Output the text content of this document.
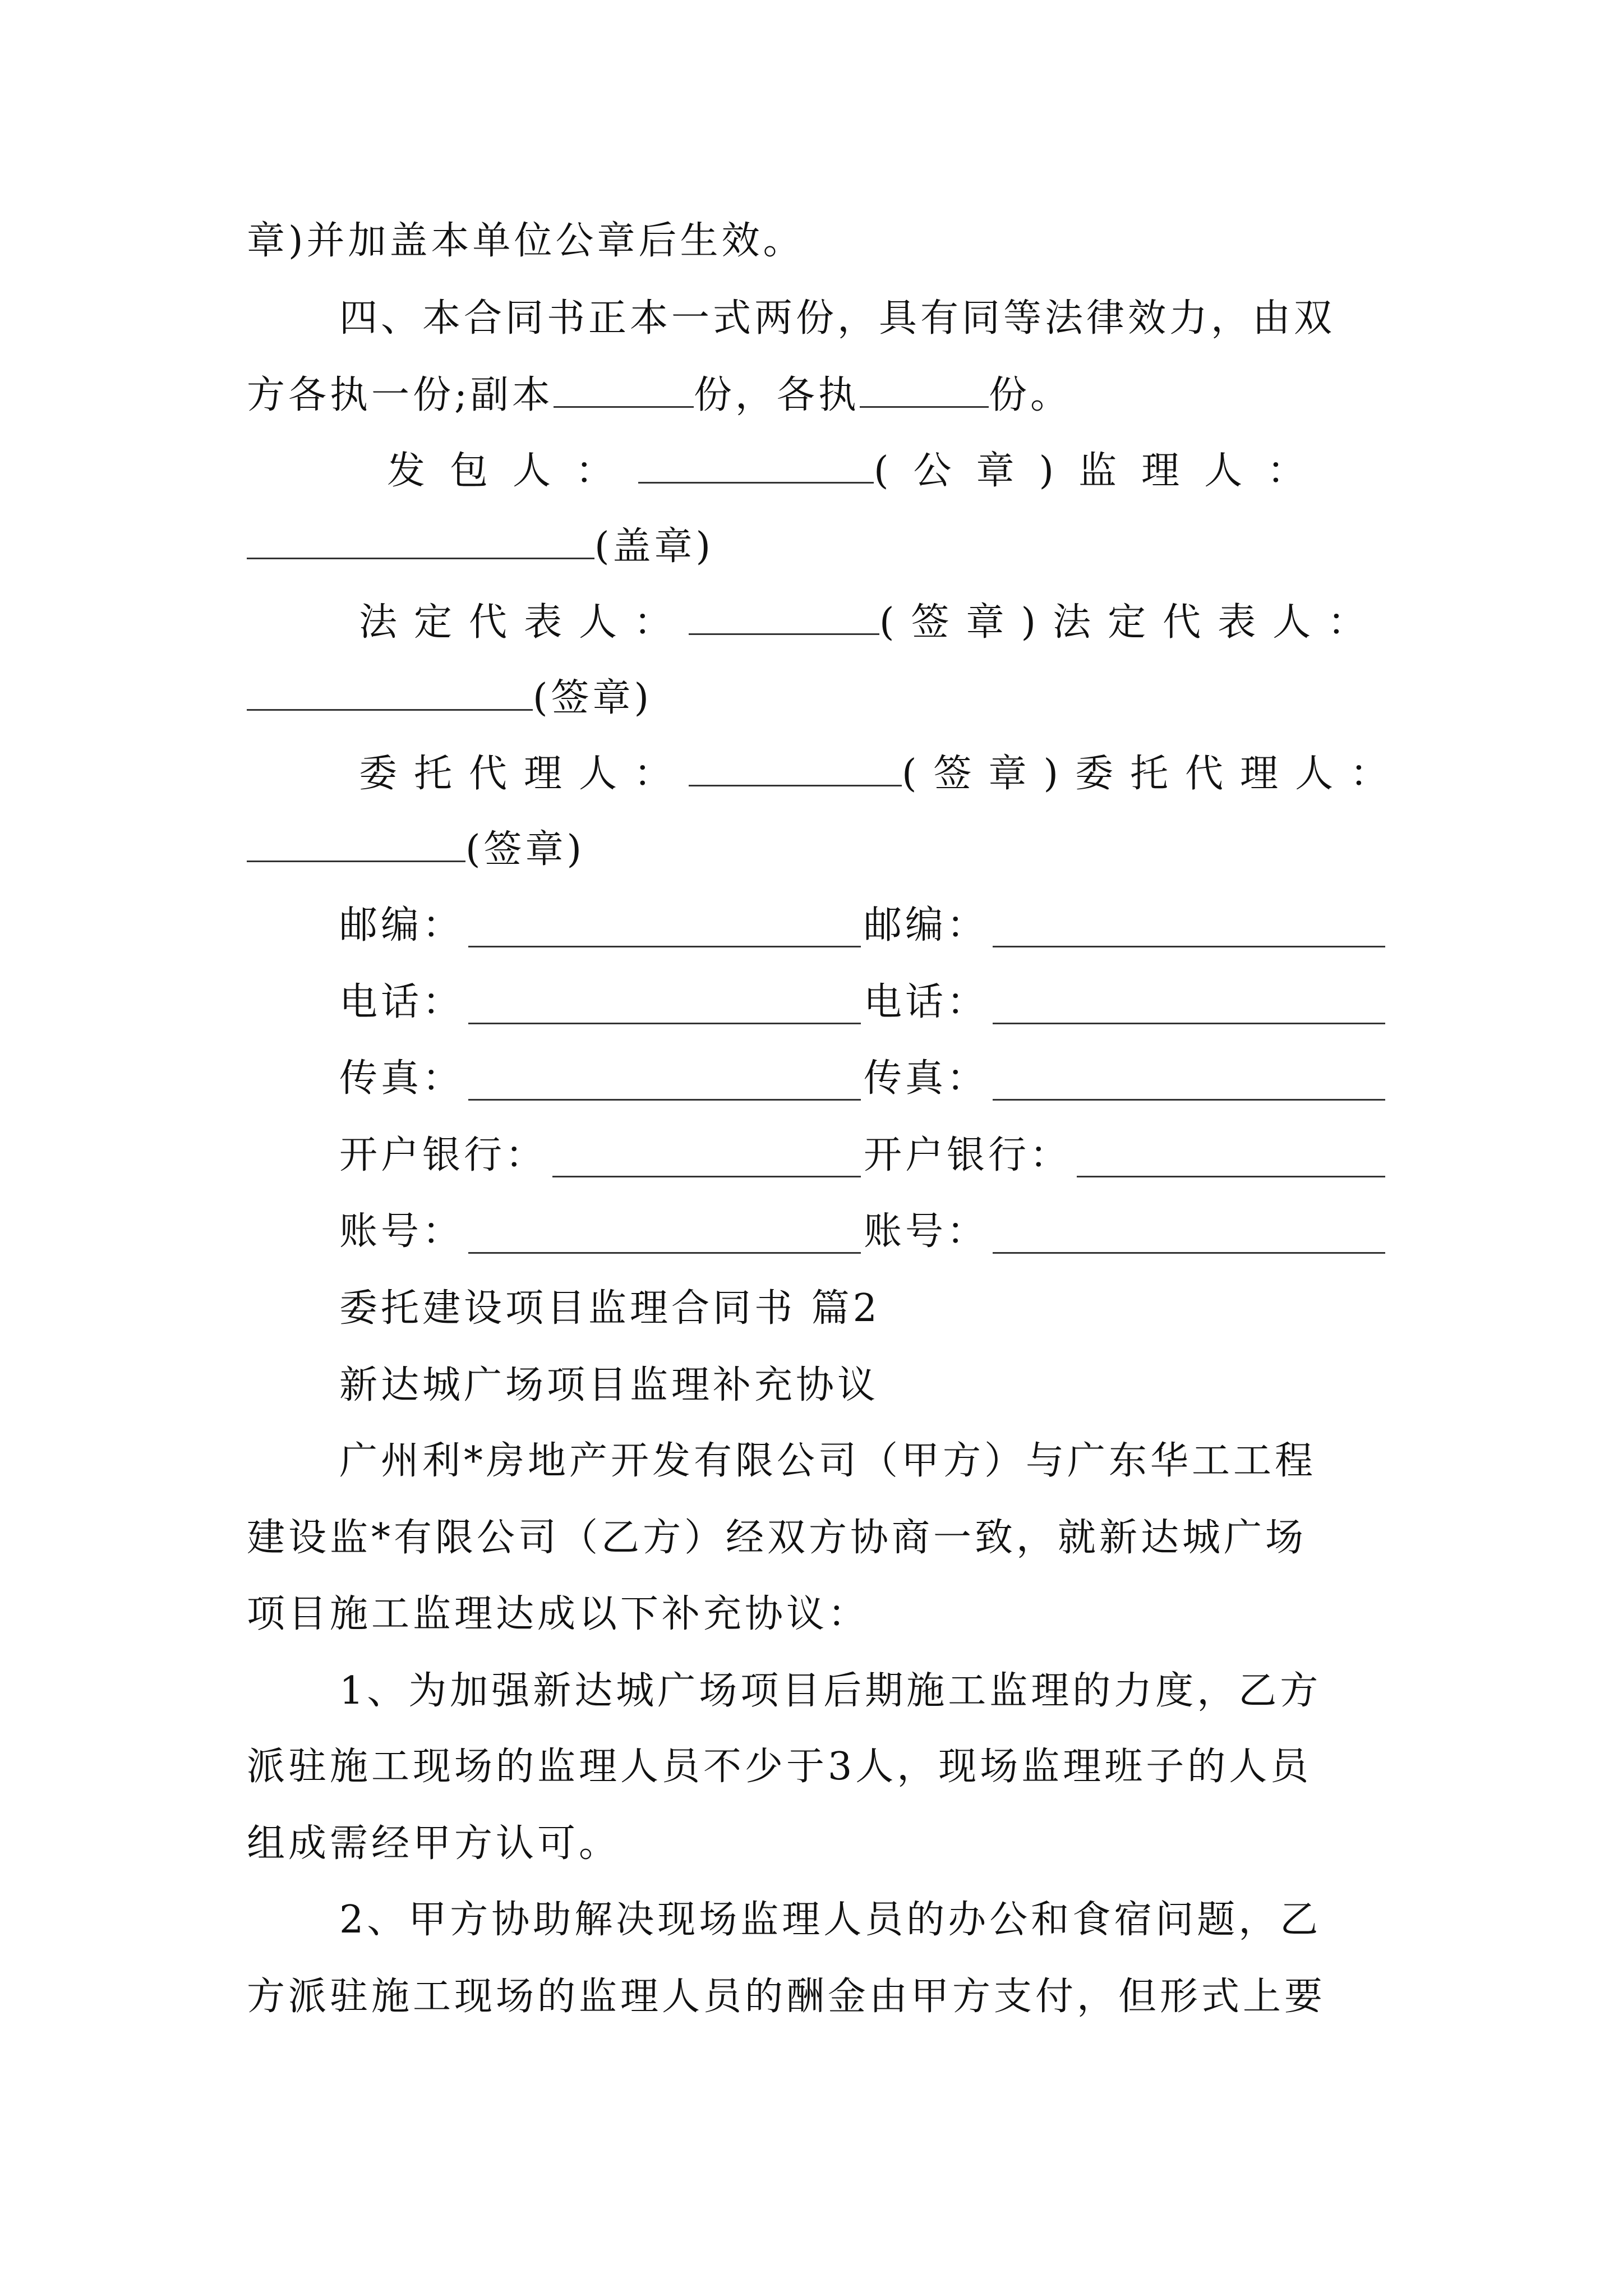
章)并加盖本单位公章后生效。
四、本合同书正本一式两份，具有同等法律效力，由双
方各执一份;副本	份，各执	份。
发包人：	(公章)监理人：
(盖章)
法定代表人：	(签章)法定代表人：
(签章)
委托代理人：	(签章)委托代理人：
(签章)
邮编：	邮编：
电话：	电话：
传真：	传真：
开户银行：	开户银行：
账号：	账号：
委托建设项目监理合同书 篇2
新达城广场项目监理补充协议
广州利*房地产开发有限公司（甲方）与广东华工工程
建设监*有限公司（乙方）经双方协商一致，就新达城广场
项目施工监理达成以下补充协议：
1、为加强新达城广场项目后期施工监理的力度，乙方
派驻施工现场的监理人员不少于3人，现场监理班子的人员
组成需经甲方认可。
2、甲方协助解决现场监理人员的办公和食宿问题，乙
方派驻施工现场的监理人员的酬金由甲方支付，但形式上要
